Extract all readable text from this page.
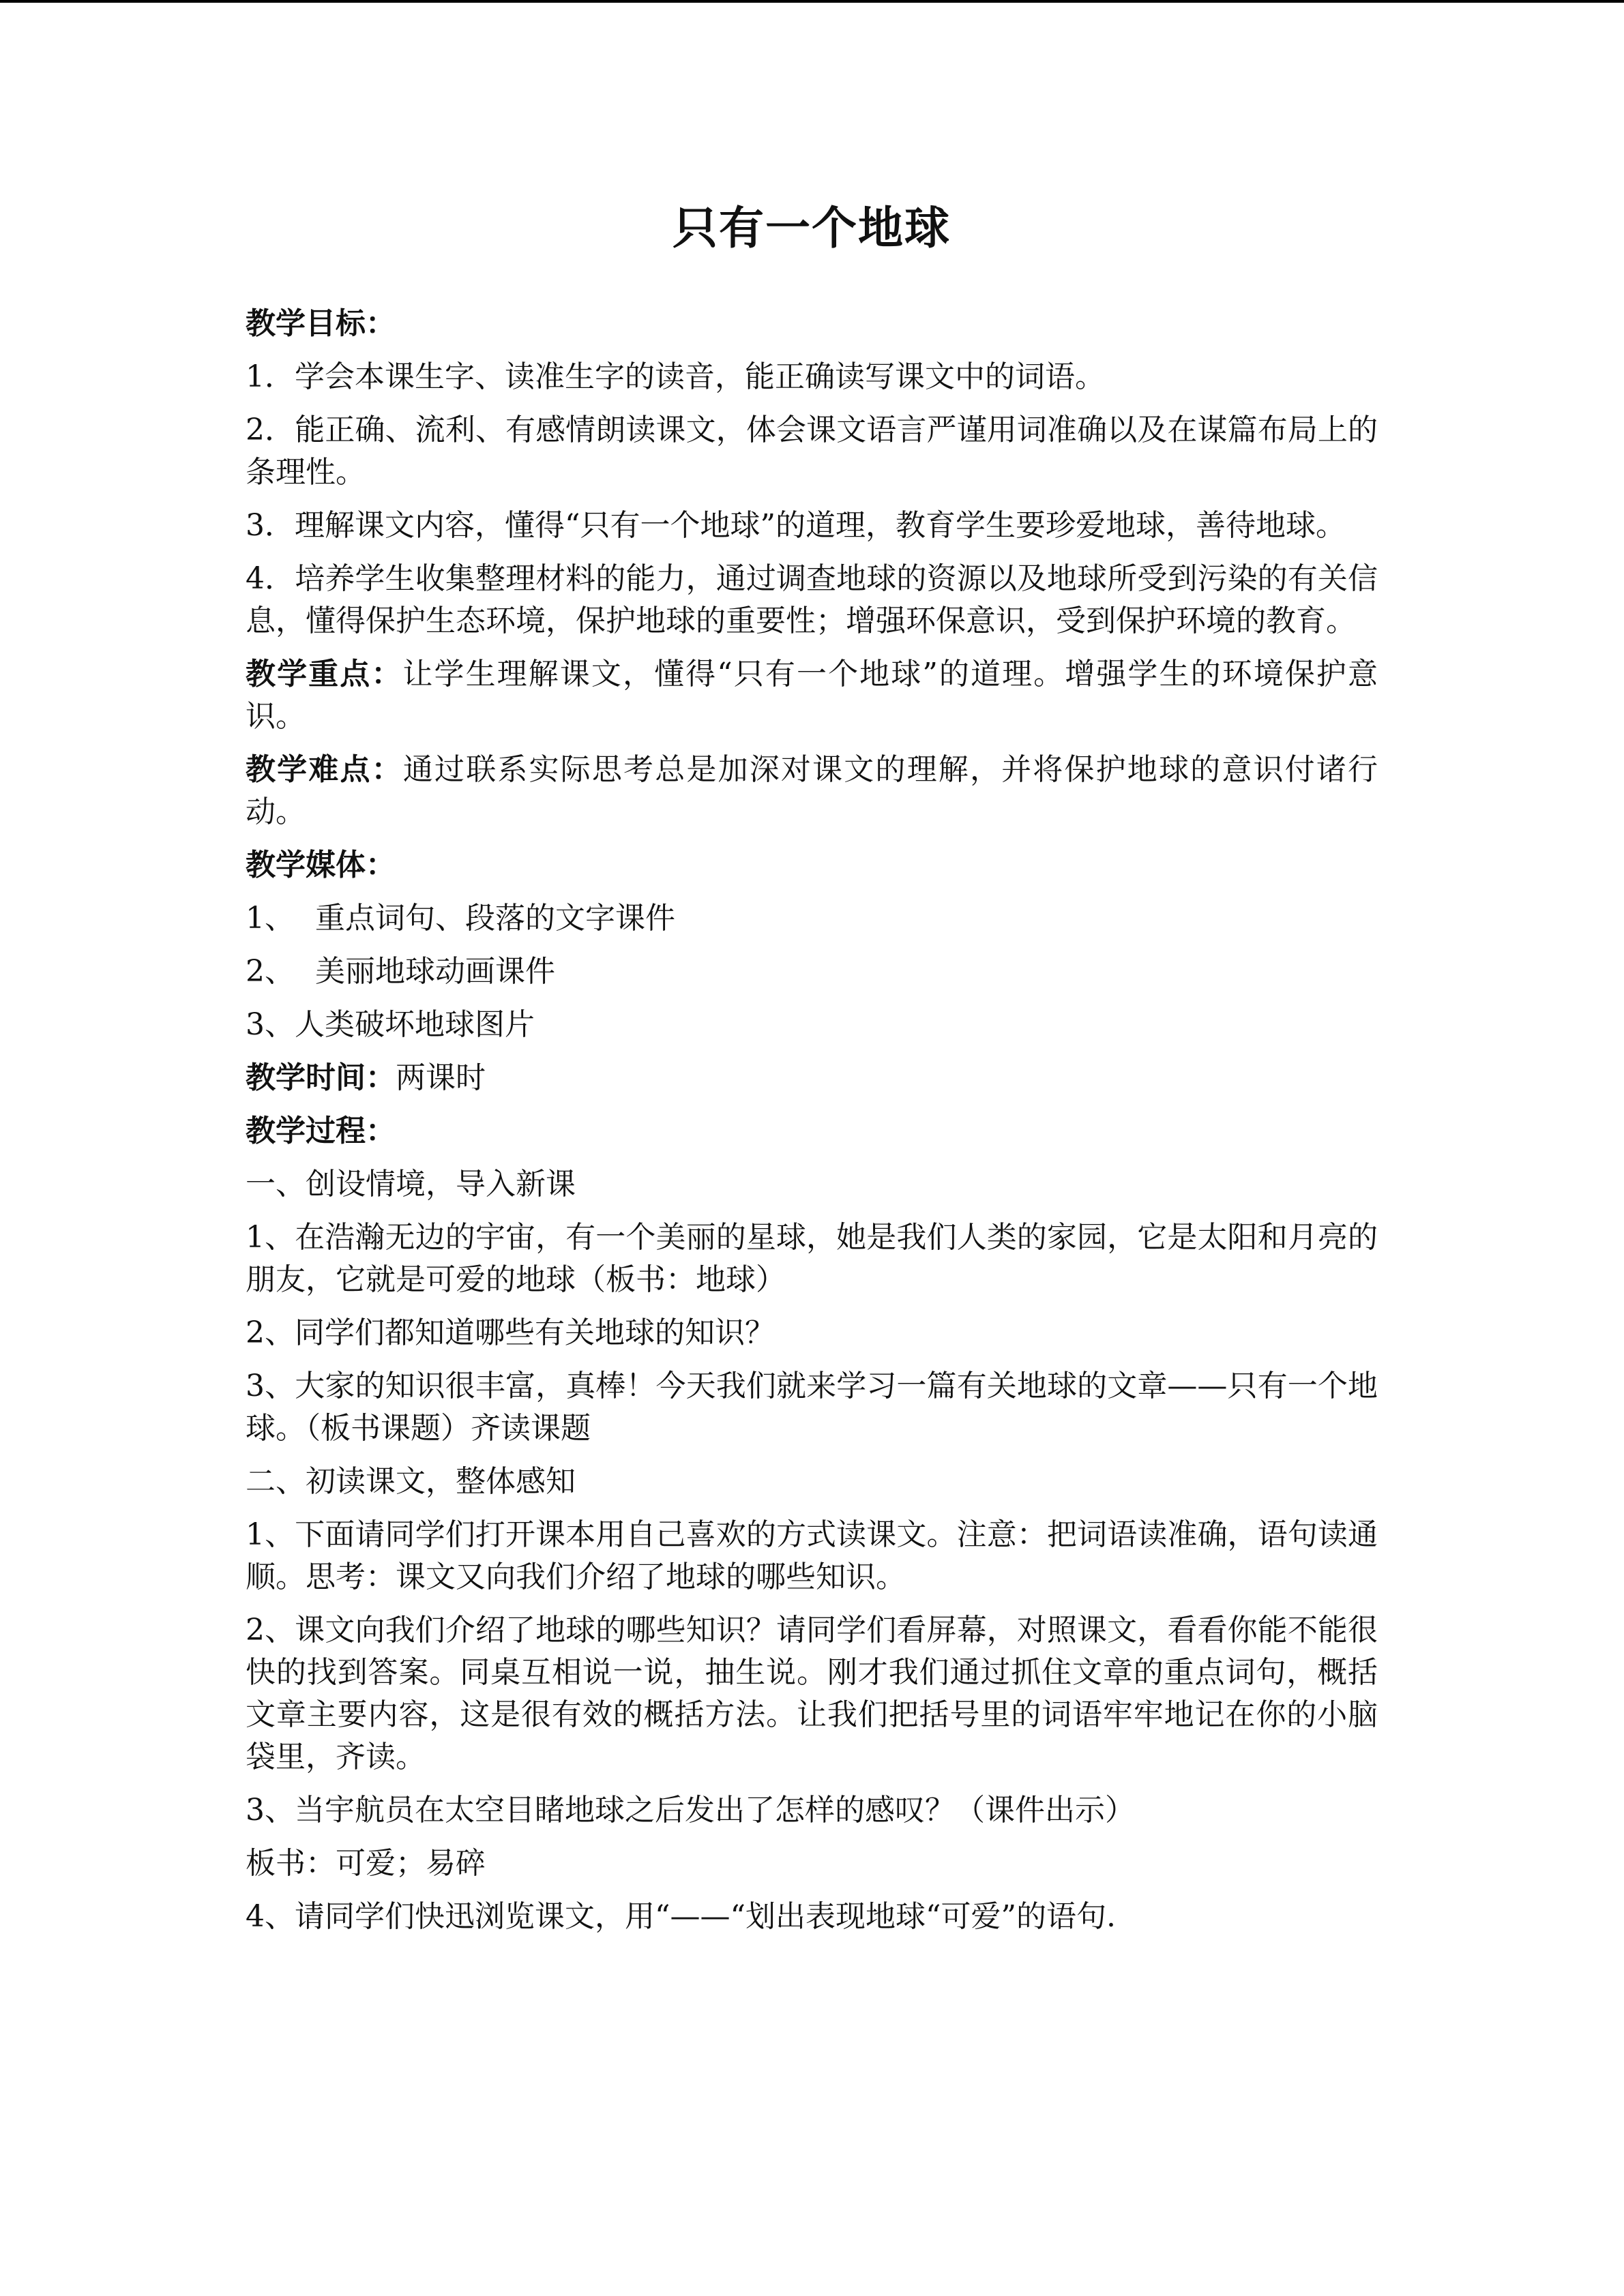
只有一个地球

教学目标：

1．学会本课生字、读准生字的读音，能正确读写课文中的词语。

2．能正确、流利、有感情朗读课文，体会课文语言严谨用词准确以及在谋篇布局上的条理性。

3．理解课文内容，懂得“只有一个地球”的道理，教育学生要珍爱地球，善待地球。

4．培养学生收集整理材料的能力，通过调查地球的资源以及地球所受到污染的有关信息，懂得保护生态环境，保护地球的重要性；增强环保意识，受到保护环境的教育。

教学重点：让学生理解课文，懂得“只有一个地球”的道理。增强学生的环境保护意识。

教学难点：通过联系实际思考总是加深对课文的理解，并将保护地球的意识付诸行动。

教学媒体：

1、 重点词句、段落的文字课件

2、 美丽地球动画课件

3、人类破坏地球图片

教学时间：两课时

教学过程：

一、创设情境，导入新课

1、在浩瀚无边的宇宙，有一个美丽的星球，她是我们人类的家园，它是太阳和月亮的朋友，它就是可爱的地球（板书：地球）

2、同学们都知道哪些有关地球的知识？

3、大家的知识很丰富，真棒！今天我们就来学习一篇有关地球的文章——只有一个地球。（板书课题）齐读课题

二、初读课文，整体感知

1、下面请同学们打开课本用自己喜欢的方式读课文。注意：把词语读准确，语句读通顺。思考：课文又向我们介绍了地球的哪些知识。

2、课文向我们介绍了地球的哪些知识？请同学们看屏幕，对照课文，看看你能不能很快的找到答案。同桌互相说一说，抽生说。刚才我们通过抓住文章的重点词句，概括文章主要内容，这是很有效的概括方法。让我们把括号里的词语牢牢地记在你的小脑袋里，齐读。

3、当宇航员在太空目睹地球之后发出了怎样的感叹？（课件出示）

板书：可爱；易碎

4、请同学们快迅浏览课文，用“——“划出表现地球“可爱”的语句.
